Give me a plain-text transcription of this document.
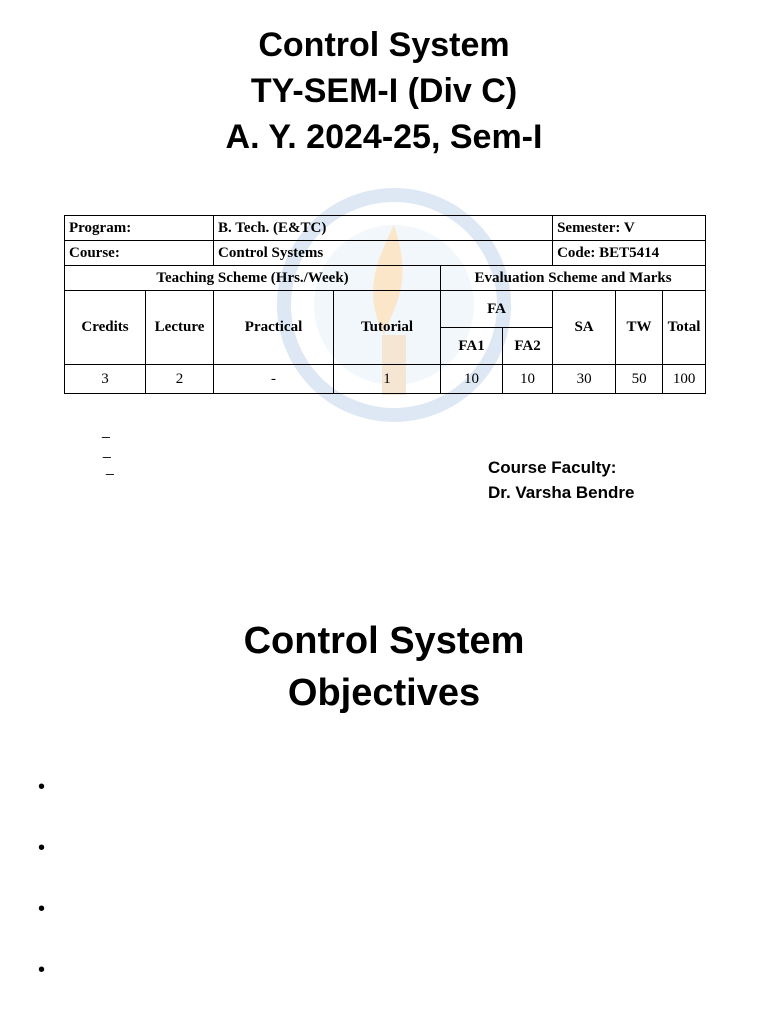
Control System
TY-SEM-I (Div C)
A. Y. 2024-25, Sem-I
Program:		B. Tech. (E&TC)				Semester: V		
Course:		Control Systems				Code: BET5414		
Teaching Scheme (Hrs./Week)				Evaluation Scheme and Marks				
Credits	Lecture	Practical	Tutorial	FA		SA	TW	Total
				FA1	FA2			
3	2	-	1	10	10	30	50	100
_
_
_	Course Faculty:
Dr. Varsha Bendre
Control System
Objectives
•
•
•
•
